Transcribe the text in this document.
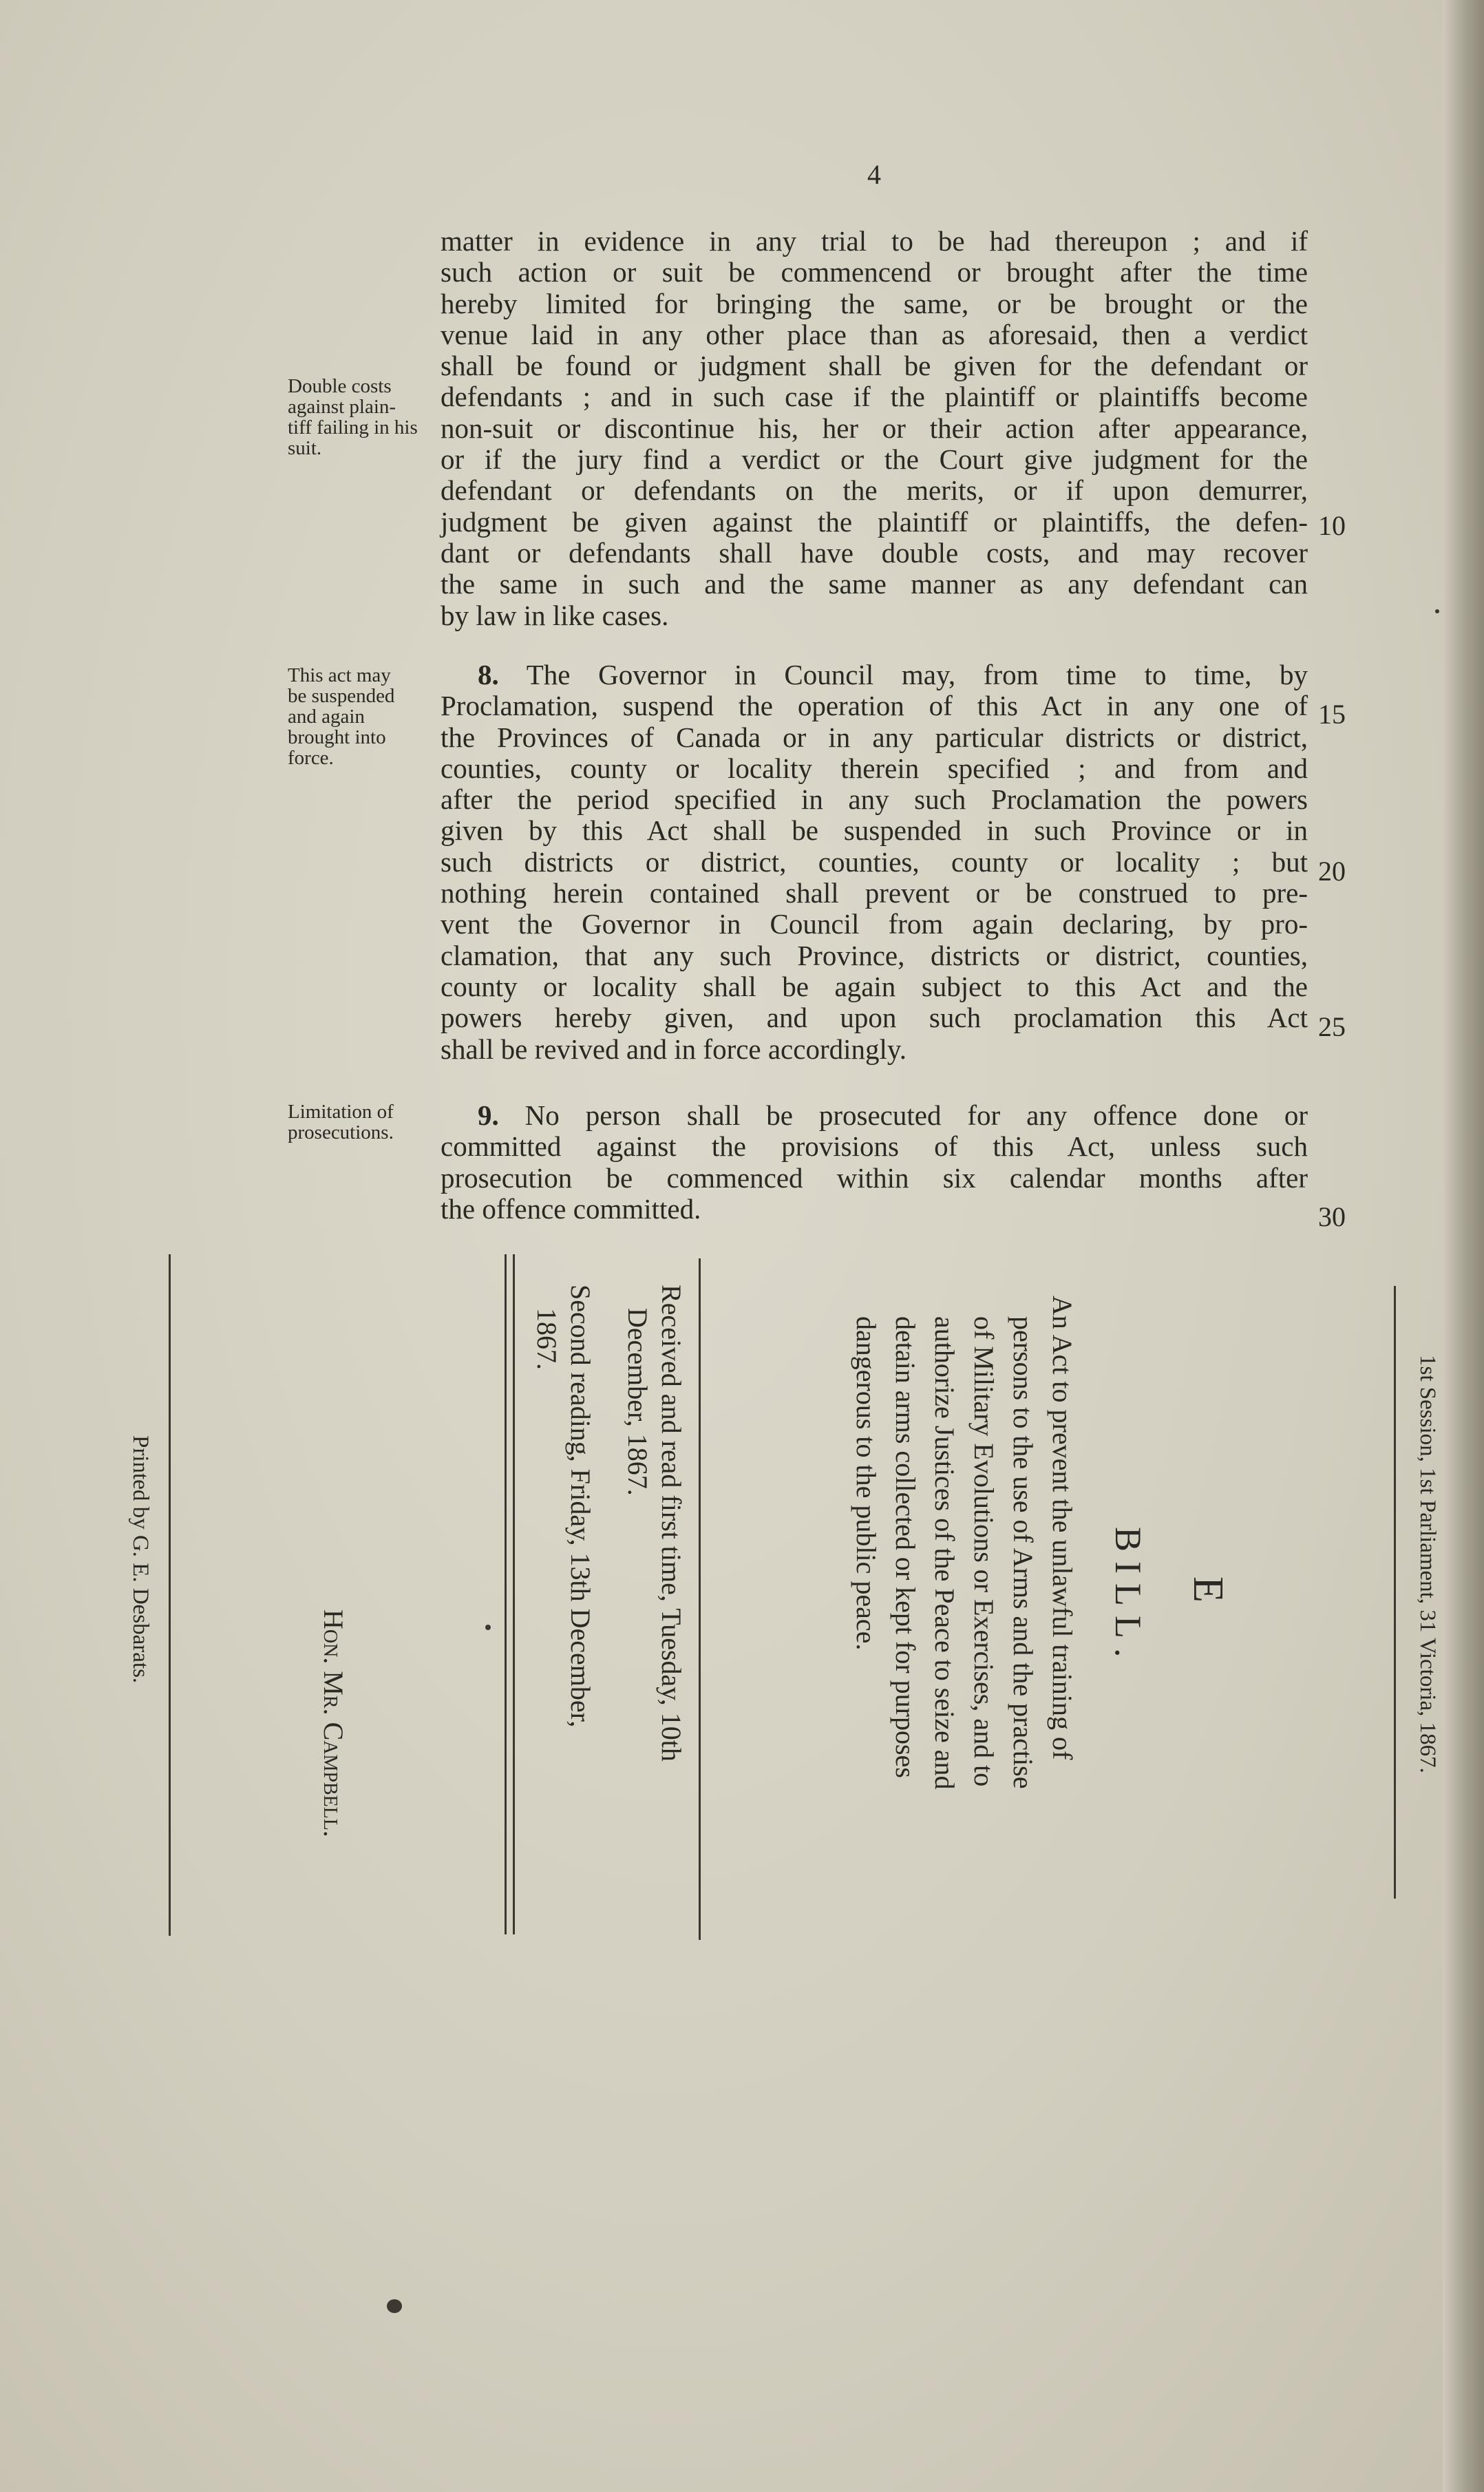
4
matter in evidence in any trial to be had thereupon ; and if
such action or suit be commencend or brought after the time
hereby limited for bringing the same, or be brought or the
venue laid in any other place than as aforesaid, then a verdict
shall be found or judgment shall be given for the defendant or
defendants ; and in such case if the plaintiff or plaintiffs become
non-suit or discontinue his, her or their action after appearance,
or if the jury find a verdict or the Court give judgment for the
defendant or defendants on the merits, or if upon demurrer,
judgment be given against the plaintiff or plaintiffs, the defen-
dant or defendants shall have double costs, and may recover
the same in such and the same manner as any defendant can
by law in like cases.
8. The Governor in Council may, from time to time, by
Proclamation, suspend the operation of this Act in any one of
the Provinces of Canada or in any particular districts or district,
counties, county or locality therein specified ; and from and
after the period specified in any such Proclamation the powers
given by this Act shall be suspended in such Province or in
such districts or district, counties, county or locality ; but
nothing herein contained shall prevent or be construed to pre-
vent the Governor in Council from again declaring, by pro-
clamation, that any such Province, districts or district, counties,
county or locality shall be again subject to this Act and the
powers hereby given, and upon such proclamation this Act
shall be revived and in force accordingly.
9. No person shall be prosecuted for any offence done or
committed against the provisions of this Act, unless such
prosecution be commenced within six calendar months after
the offence committed.
Double costs
against plain-
tiff failing in his
suit.
This act may
be suspended
and again
brought into
force.
Limitation of
prosecutions.
10
15
20
25
30
1st Session, 1st Parliament, 31 Victoria, 1867.
E
BILL.
An Act to prevent the unlawful training of
persons to the use of Arms and the practise
of Military Evolutions or Exercises, and to
authorize Justices of the Peace to seize and
detain arms collected or kept for purposes
dangerous to the public peace.
Received and read first time, Tuesday, 10th
December, 1867.
Second reading, Friday, 13th December,
1867.
Hon. Mr. Campbell.
Printed by G. E. Desbarats.
